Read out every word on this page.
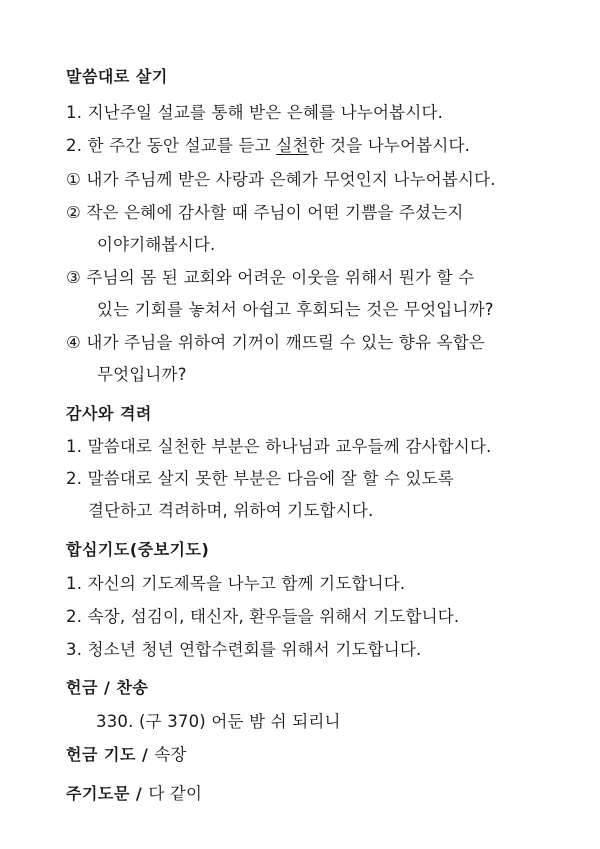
말씀대로 살기
1. 지난주일 설교를 통해 받은 은혜를 나누어봅시다.
2. 한 주간 동안 설교를 듣고 실천한 것을 나누어봅시다.
① 내가 주님께 받은 사랑과 은혜가 무엇인지 나누어봅시다.
② 작은 은혜에 감사할 때 주님이 어떤 기쁨을 주셨는지
이야기해봅시다.
③ 주님의 몸 된 교회와 어려운 이웃을 위해서 뭔가 할 수
있는 기회를 놓쳐서 아쉽고 후회되는 것은 무엇입니까?
④ 내가 주님을 위하여 기꺼이 깨뜨릴 수 있는 향유 옥합은
무엇입니까?
감사와 격려
1. 말씀대로 실천한 부분은 하나님과 교우들께 감사합시다.
2. 말씀대로 살지 못한 부분은 다음에 잘 할 수 있도록
결단하고 격려하며, 위하여 기도합시다.
합심기도(중보기도)
1. 자신의 기도제목을 나누고 함께 기도합니다.
2. 속장, 섬김이, 태신자, 환우들을 위해서 기도합니다.
3. 청소년 청년 연합수련회를 위해서 기도합니다.
헌금 / 찬송
330. (구 370) 어둔 밤 쉬 되리니
헌금 기도 / 속장
주기도문 / 다 같이
